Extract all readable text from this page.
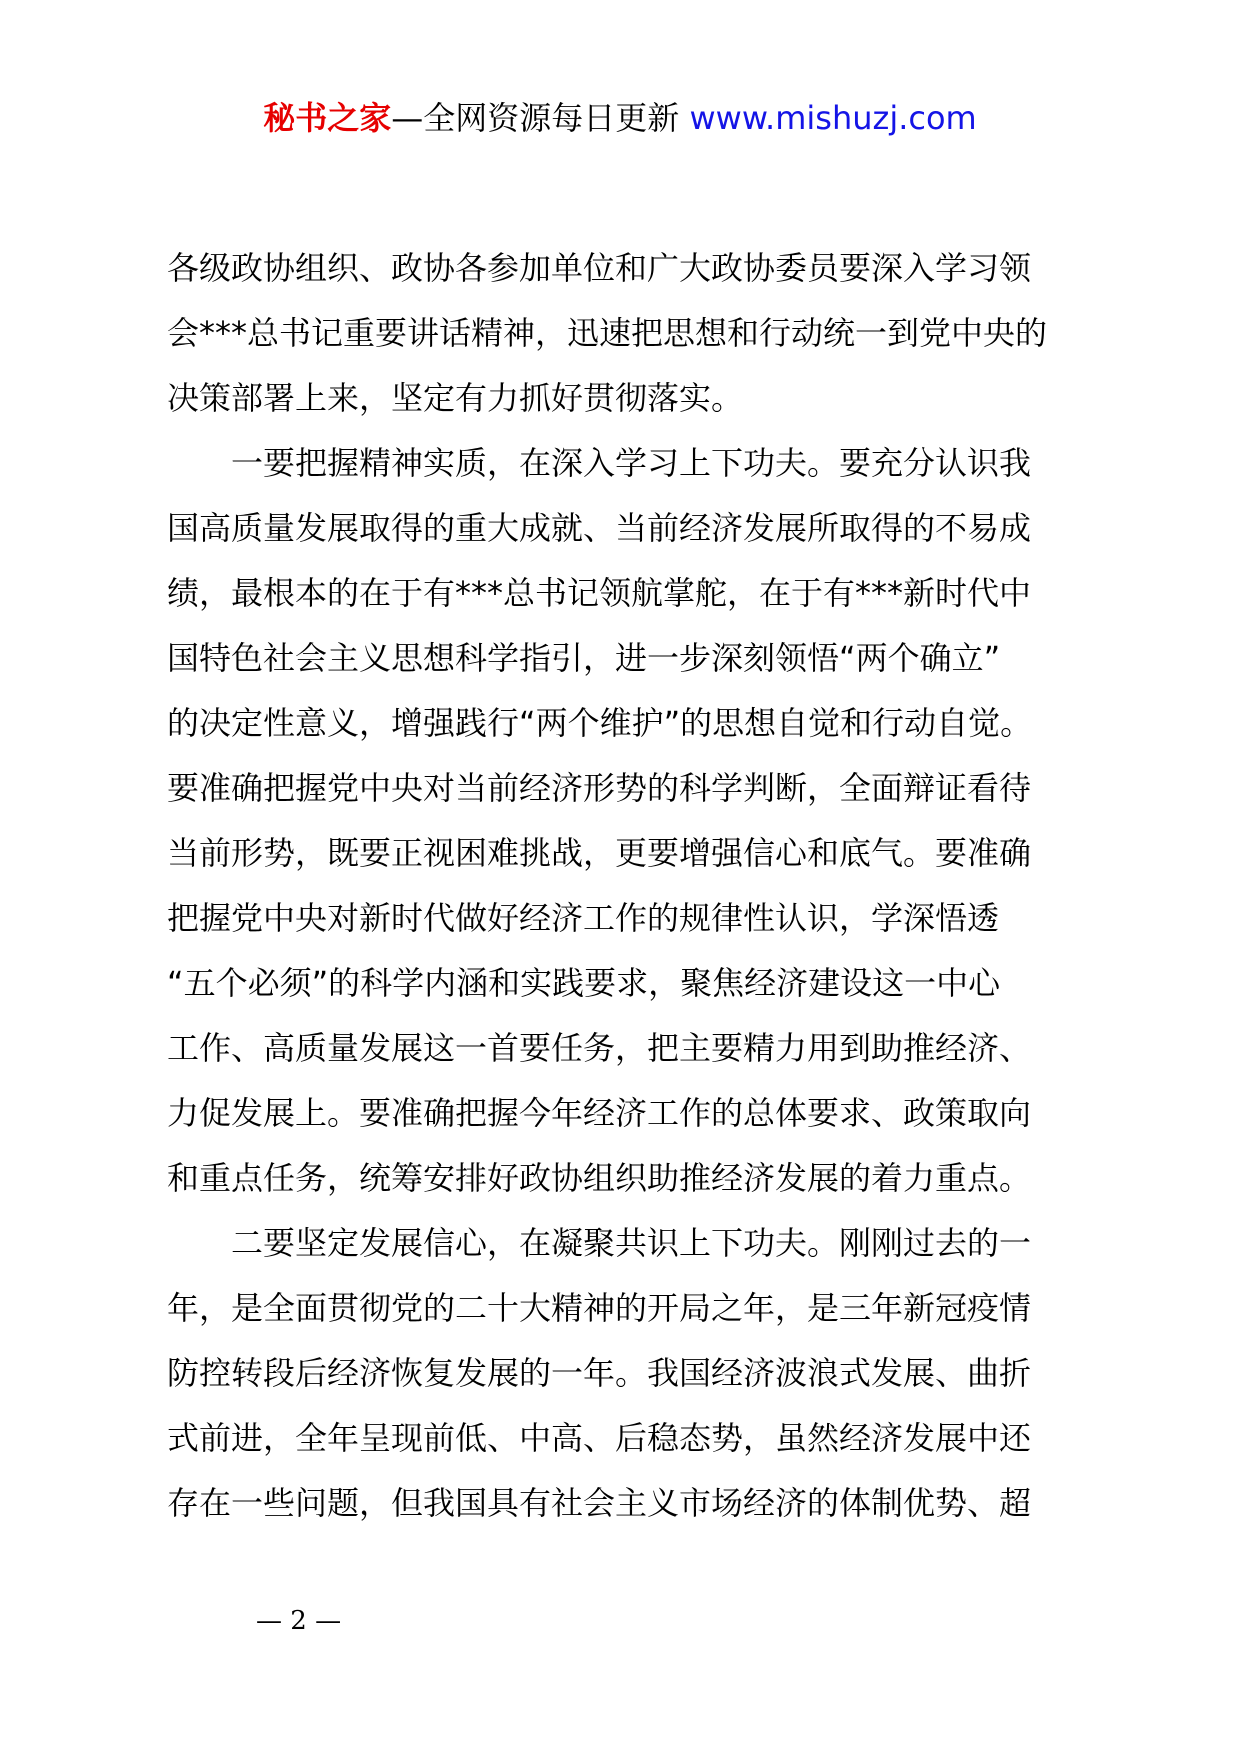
秘书之家—全网资源每日更新 www.mishuzj.com
各级政协组织、政协各参加单位和广大政协委员要深入学习领
会***总书记重要讲话精神，迅速把思想和行动统一到党中央的
决策部署上来，坚定有力抓好贯彻落实。
一要把握精神实质，在深入学习上下功夫。要充分认识我
国高质量发展取得的重大成就、当前经济发展所取得的不易成
绩，最根本的在于有***总书记领航掌舵，在于有***新时代中
国特色社会主义思想科学指引，进一步深刻领悟“两个确立”
的决定性意义，增强践行“两个维护”的思想自觉和行动自觉。
要准确把握党中央对当前经济形势的科学判断，全面辩证看待
当前形势，既要正视困难挑战，更要增强信心和底气。要准确
把握党中央对新时代做好经济工作的规律性认识，学深悟透
“五个必须”的科学内涵和实践要求，聚焦经济建设这一中心
工作、高质量发展这一首要任务，把主要精力用到助推经济、
力促发展上。要准确把握今年经济工作的总体要求、政策取向
和重点任务，统筹安排好政协组织助推经济发展的着力重点。
二要坚定发展信心，在凝聚共识上下功夫。刚刚过去的一
年，是全面贯彻党的二十大精神的开局之年，是三年新冠疫情
防控转段后经济恢复发展的一年。我国经济波浪式发展、曲折
式前进，全年呈现前低、中高、后稳态势，虽然经济发展中还
存在一些问题，但我国具有社会主义市场经济的体制优势、超
— 2 —
